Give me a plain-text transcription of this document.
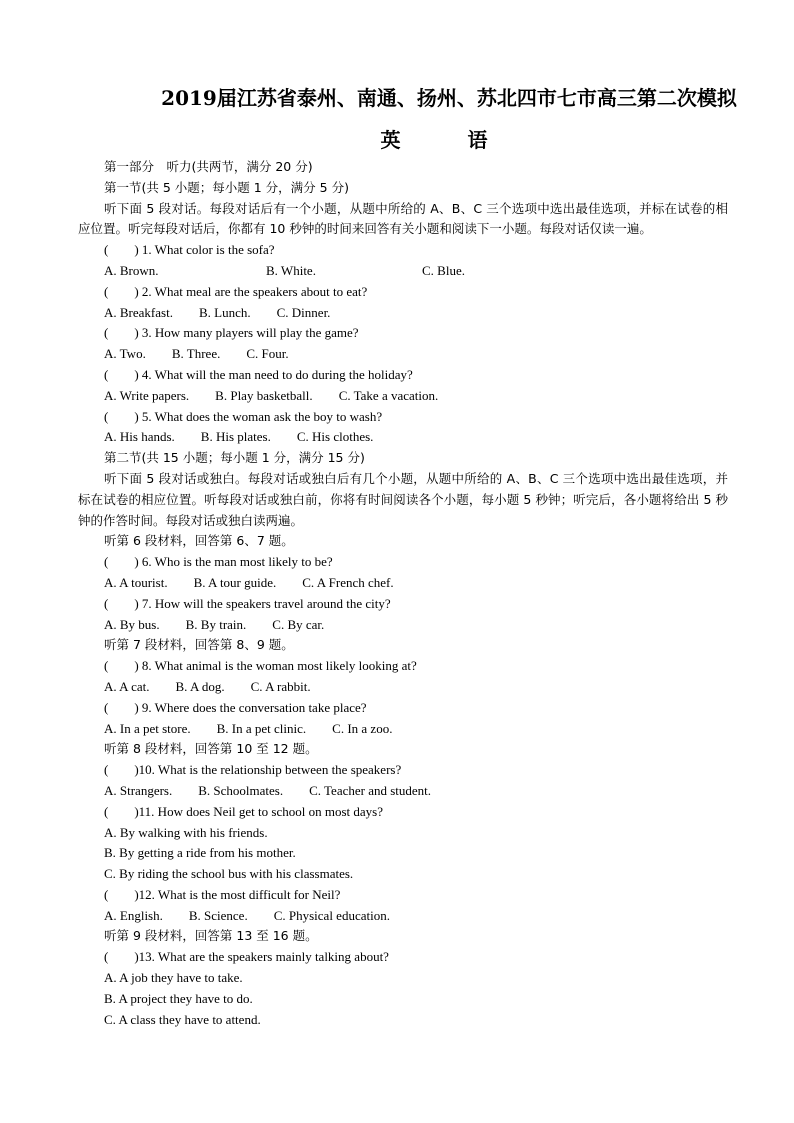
2019届江苏省泰州、南通、扬州、苏北四市七市高三第二次模拟
英 语
第一部分　听力(共两节，满分 20 分)
第一节(共 5 小题；每小题 1 分，满分 5 分)
听下面 5 段对话。每段对话后有一个小题，从题中所给的 A、B、C 三个选项中选出最佳选项，并标在试卷的相应位置。听完每段对话后，你都有 10 秒钟的时间来回答有关小题和阅读下一小题。每段对话仅读一遍。
(　　) 1. What color is the sofa?
A. Brown.	B. White.	C. Blue.
(　　) 2. What meal are the speakers about to eat?
A. Breakfast.　　 B. Lunch.　　 C. Dinner.
(　　) 3. How many players will play the game?
A. Two.　　 B. Three.　　 C. Four.
(　　) 4. What will the man need to do during the holiday?
A. Write papers.　　 B. Play basketball.　　 C. Take a vacation.
(　　) 5. What does the woman ask the boy to wash?
A. His hands.　　 B. His plates.　　 C. His clothes.
第二节(共 15 小题；每小题 1 分，满分 15 分)
听下面 5 段对话或独白。每段对话或独白后有几个小题，从题中所给的 A、B、C 三个选项中选出最佳选项，并标在试卷的相应位置。听每段对话或独白前，你将有时间阅读各个小题，每小题 5 秒钟；听完后，各小题将给出 5 秒钟的作答时间。每段对话或独白读两遍。
听第 6 段材料，回答第 6、7 题。
(　　) 6. Who is the man most likely to be?
A. A tourist.　　B. A tour guide.　　C. A French chef.
(　　) 7. How will the speakers travel around the city?
A. By bus.　　B. By train.　　C. By car.
听第 7 段材料，回答第 8、9 题。
(　　) 8. What animal is the woman most likely looking at?
A. A cat.　　B. A dog.　　C. A rabbit.
(　　) 9. Where does the conversation take place?
A. In a pet store.　　B. In a pet clinic.　　C. In a zoo.
听第 8 段材料，回答第 10 至 12 题。
(　　)10. What is the relationship between the speakers?
A. Strangers.　　B. Schoolmates.　　C. Teacher and student.
(　　)11. How does Neil get to school on most days?
A. By walking with his friends.
B. By getting a ride from his mother.
C. By riding the school bus with his classmates.
(　　)12. What is the most difficult for Neil?
A. English.　　B. Science.　　C. Physical education.
听第 9 段材料，回答第 13 至 16 题。
(　　)13. What are the speakers mainly talking about?
A. A job they have to take.
B. A project they have to do.
C. A class they have to attend.
